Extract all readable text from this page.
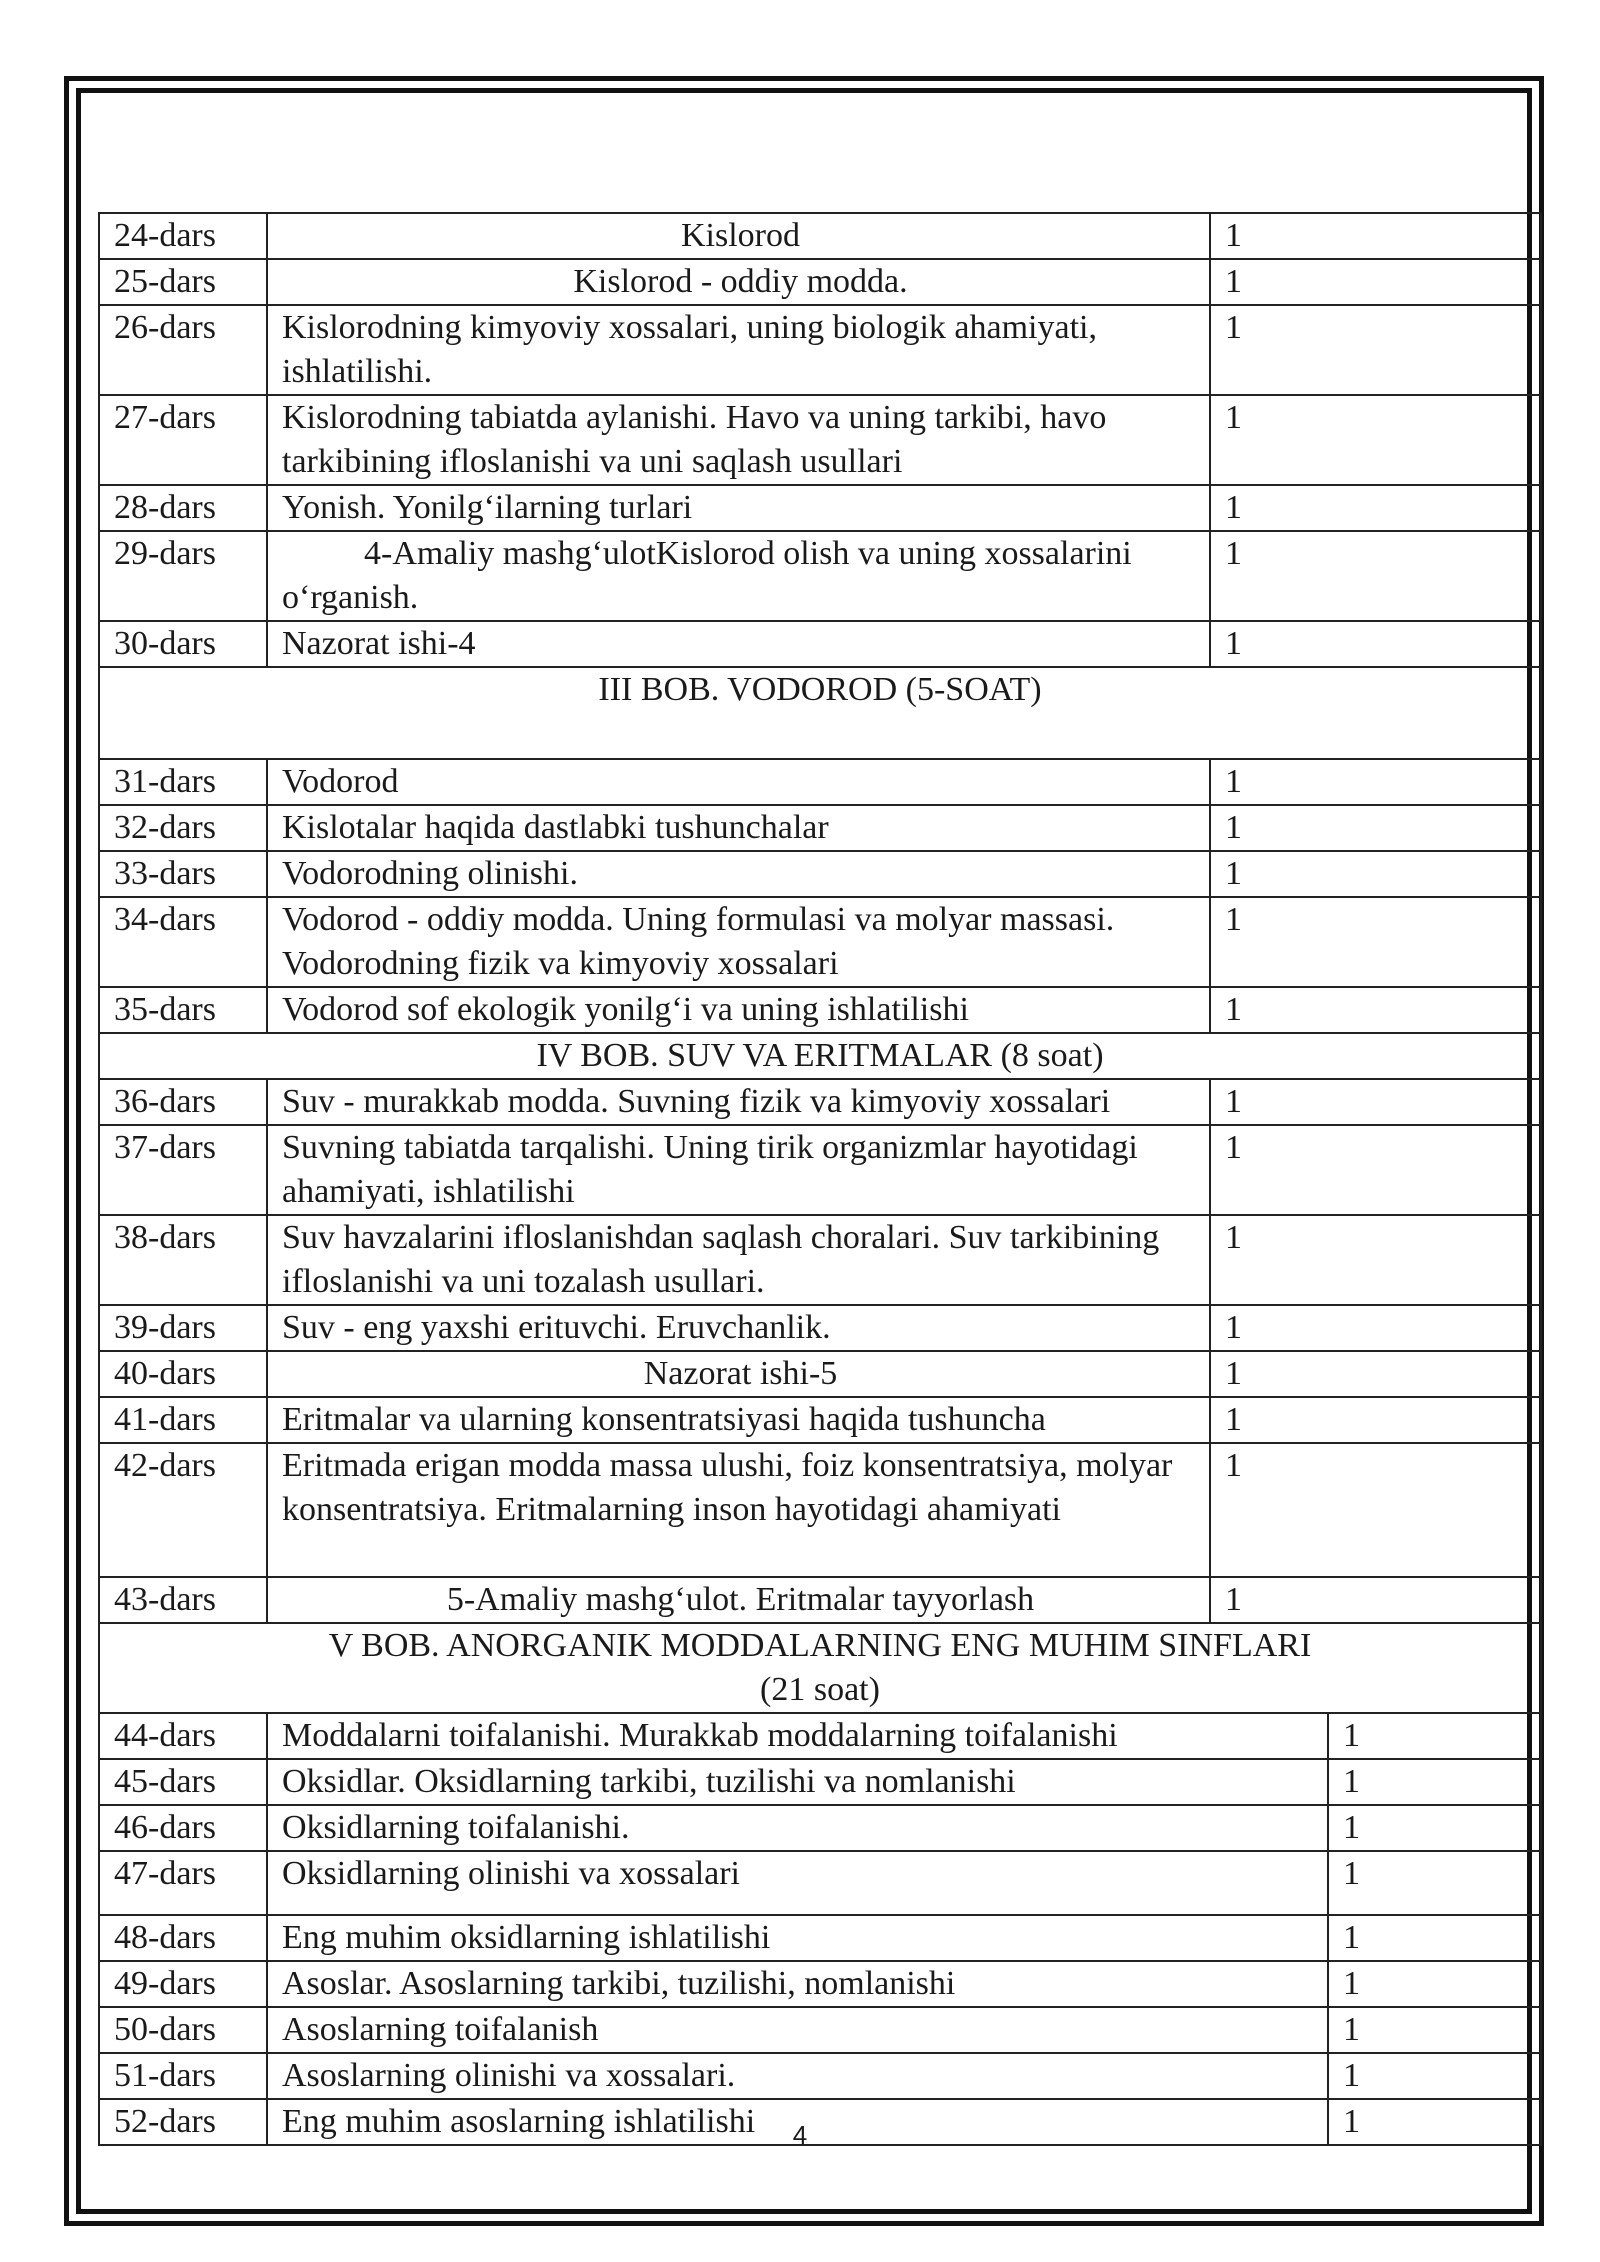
24-dars	Kislorod	1	
25-dars	Kislorod - oddiy modda.	1	
26-dars	Kislorodning kimyoviy xossalari, uning biologik ahamiyati, ishlatilishi.	1	
27-dars	Kislorodning tabiatda aylanishi. Havo va uning tarkibi, havo tarkibining ifloslanishi va uni saqlash usullari	1	
28-dars	Yonish. Yonilg‘ilarning turlari	1	
29-dars	4-Amaliy mashg‘ulotKislorod olish va uning xossalarini o‘rganish.	1	
30-dars	Nazorat ishi-4	1	

III BOB. VODOROD (5-SOAT)			

31-dars	Vodorod	1	
32-dars	Kislotalar haqida dastlabki tushunchalar	1	
33-dars	Vodorodning olinishi.	1	
34-dars	Vodorod - oddiy modda. Uning formulasi va molyar massasi. Vodorodning fizik va kimyoviy xossalari	1	
35-dars	Vodorod sof ekologik yonilg‘i va uning ishlatilishi	1	

IV BOB. SUV VA ERITMALAR (8 soat)			

36-dars	Suv - murakkab modda. Suvning fizik va kimyoviy xossalari	1	
37-dars	Suvning tabiatda tarqalishi. Uning tirik organizmlar hayotidagi ahamiyati, ishlatilishi	1	
38-dars	Suv havzalarini ifloslanishdan saqlash choralari. Suv tarkibining ifloslanishi va uni tozalash usullari.	1	
39-dars	Suv - eng yaxshi erituvchi. Eruvchanlik.	1	
40-dars	Nazorat ishi-5	1	
41-dars	Eritmalar va ularning konsentratsiyasi haqida tushuncha	1	
42-dars	Eritmada erigan modda massa ulushi, foiz konsentratsiya, molyar konsentratsiya. Eritmalarning inson hayotidagi ahamiyati	1	
43-dars	5-Amaliy mashg‘ulot. Eritmalar tayyorlash	1	

V BOB. ANORGANIK MODDALARNING ENG MUHIM SINFLARI
(21 soat)			

44-dars	Moddalarni toifalanishi. Murakkab moddalarning toifalanishi		1
45-dars	Oksidlar. Oksidlarning tarkibi, tuzilishi va nomlanishi		1
46-dars	Oksidlarning toifalanishi.		1
47-dars	Oksidlarning olinishi va xossalari		1
48-dars	Eng muhim oksidlarning ishlatilishi		1
49-dars	Asoslar. Asoslarning tarkibi, tuzilishi, nomlanishi		1
50-dars	Asoslarning toifalanish		1
51-dars	Asoslarning olinishi va xossalari.		1
52-dars	Eng muhim asoslarning ishlatilishi		1
4
